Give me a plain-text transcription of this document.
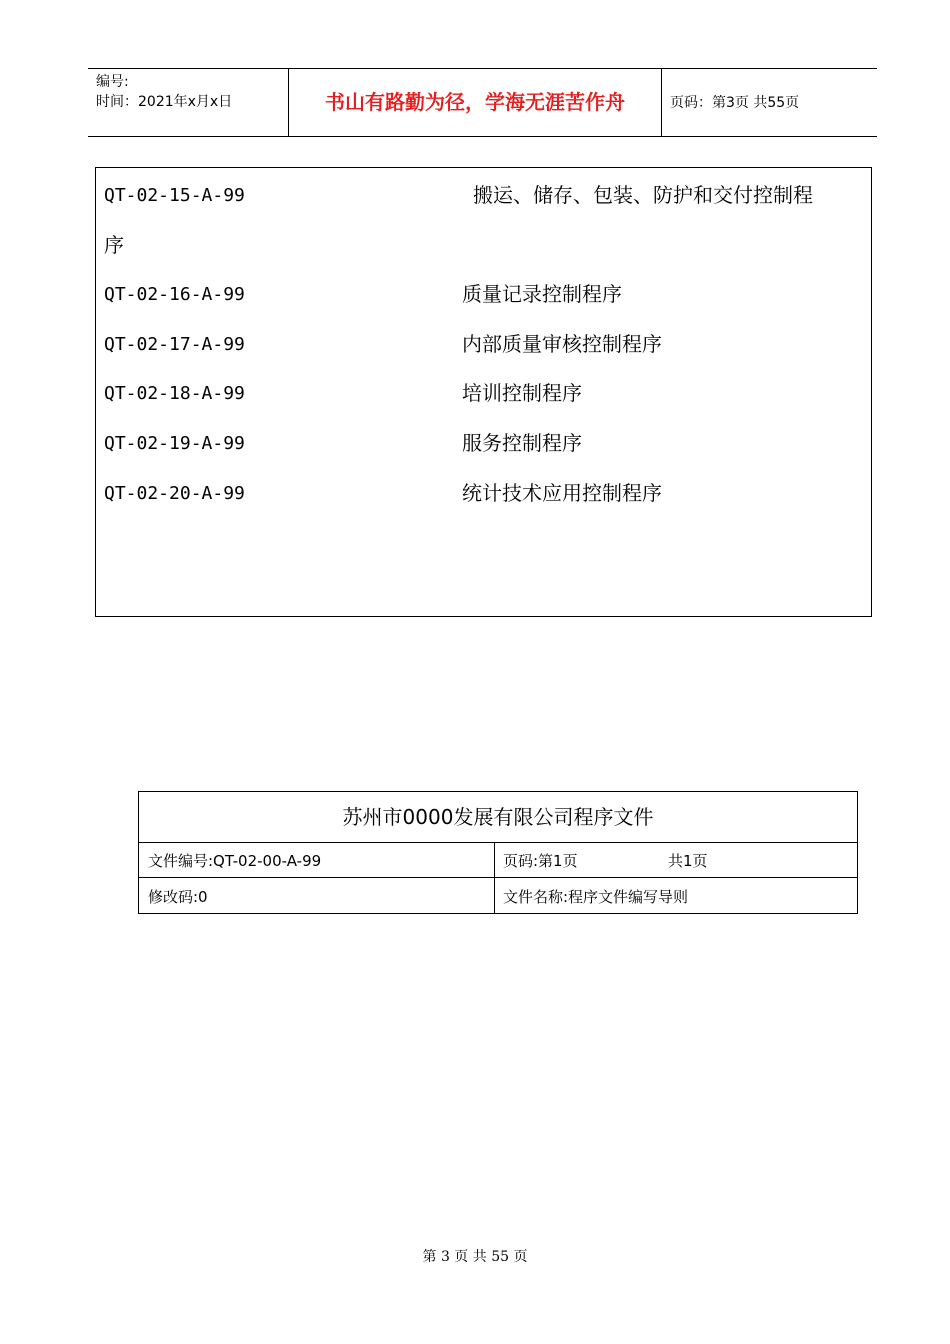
编号:
时间：2021年x月x日	书山有路勤为径，学海无涯苦作舟	页码：第3页 共55页
QT-02-15-A-99	搬运、储存、包装、防护和交付控制程
序
QT-02-16-A-99	质量记录控制程序
QT-02-17-A-99	内部质量审核控制程序
QT-02-18-A-99	培训控制程序
QT-02-19-A-99	服务控制程序
QT-02-20-A-99	统计技术应用控制程序
苏州市0000发展有限公司程序文件
文件编号:QT-02-00-A-99	页码:第1页	共1页
修改码:0	文件名称:程序文件编写导则
第 3 页 共 55 页
